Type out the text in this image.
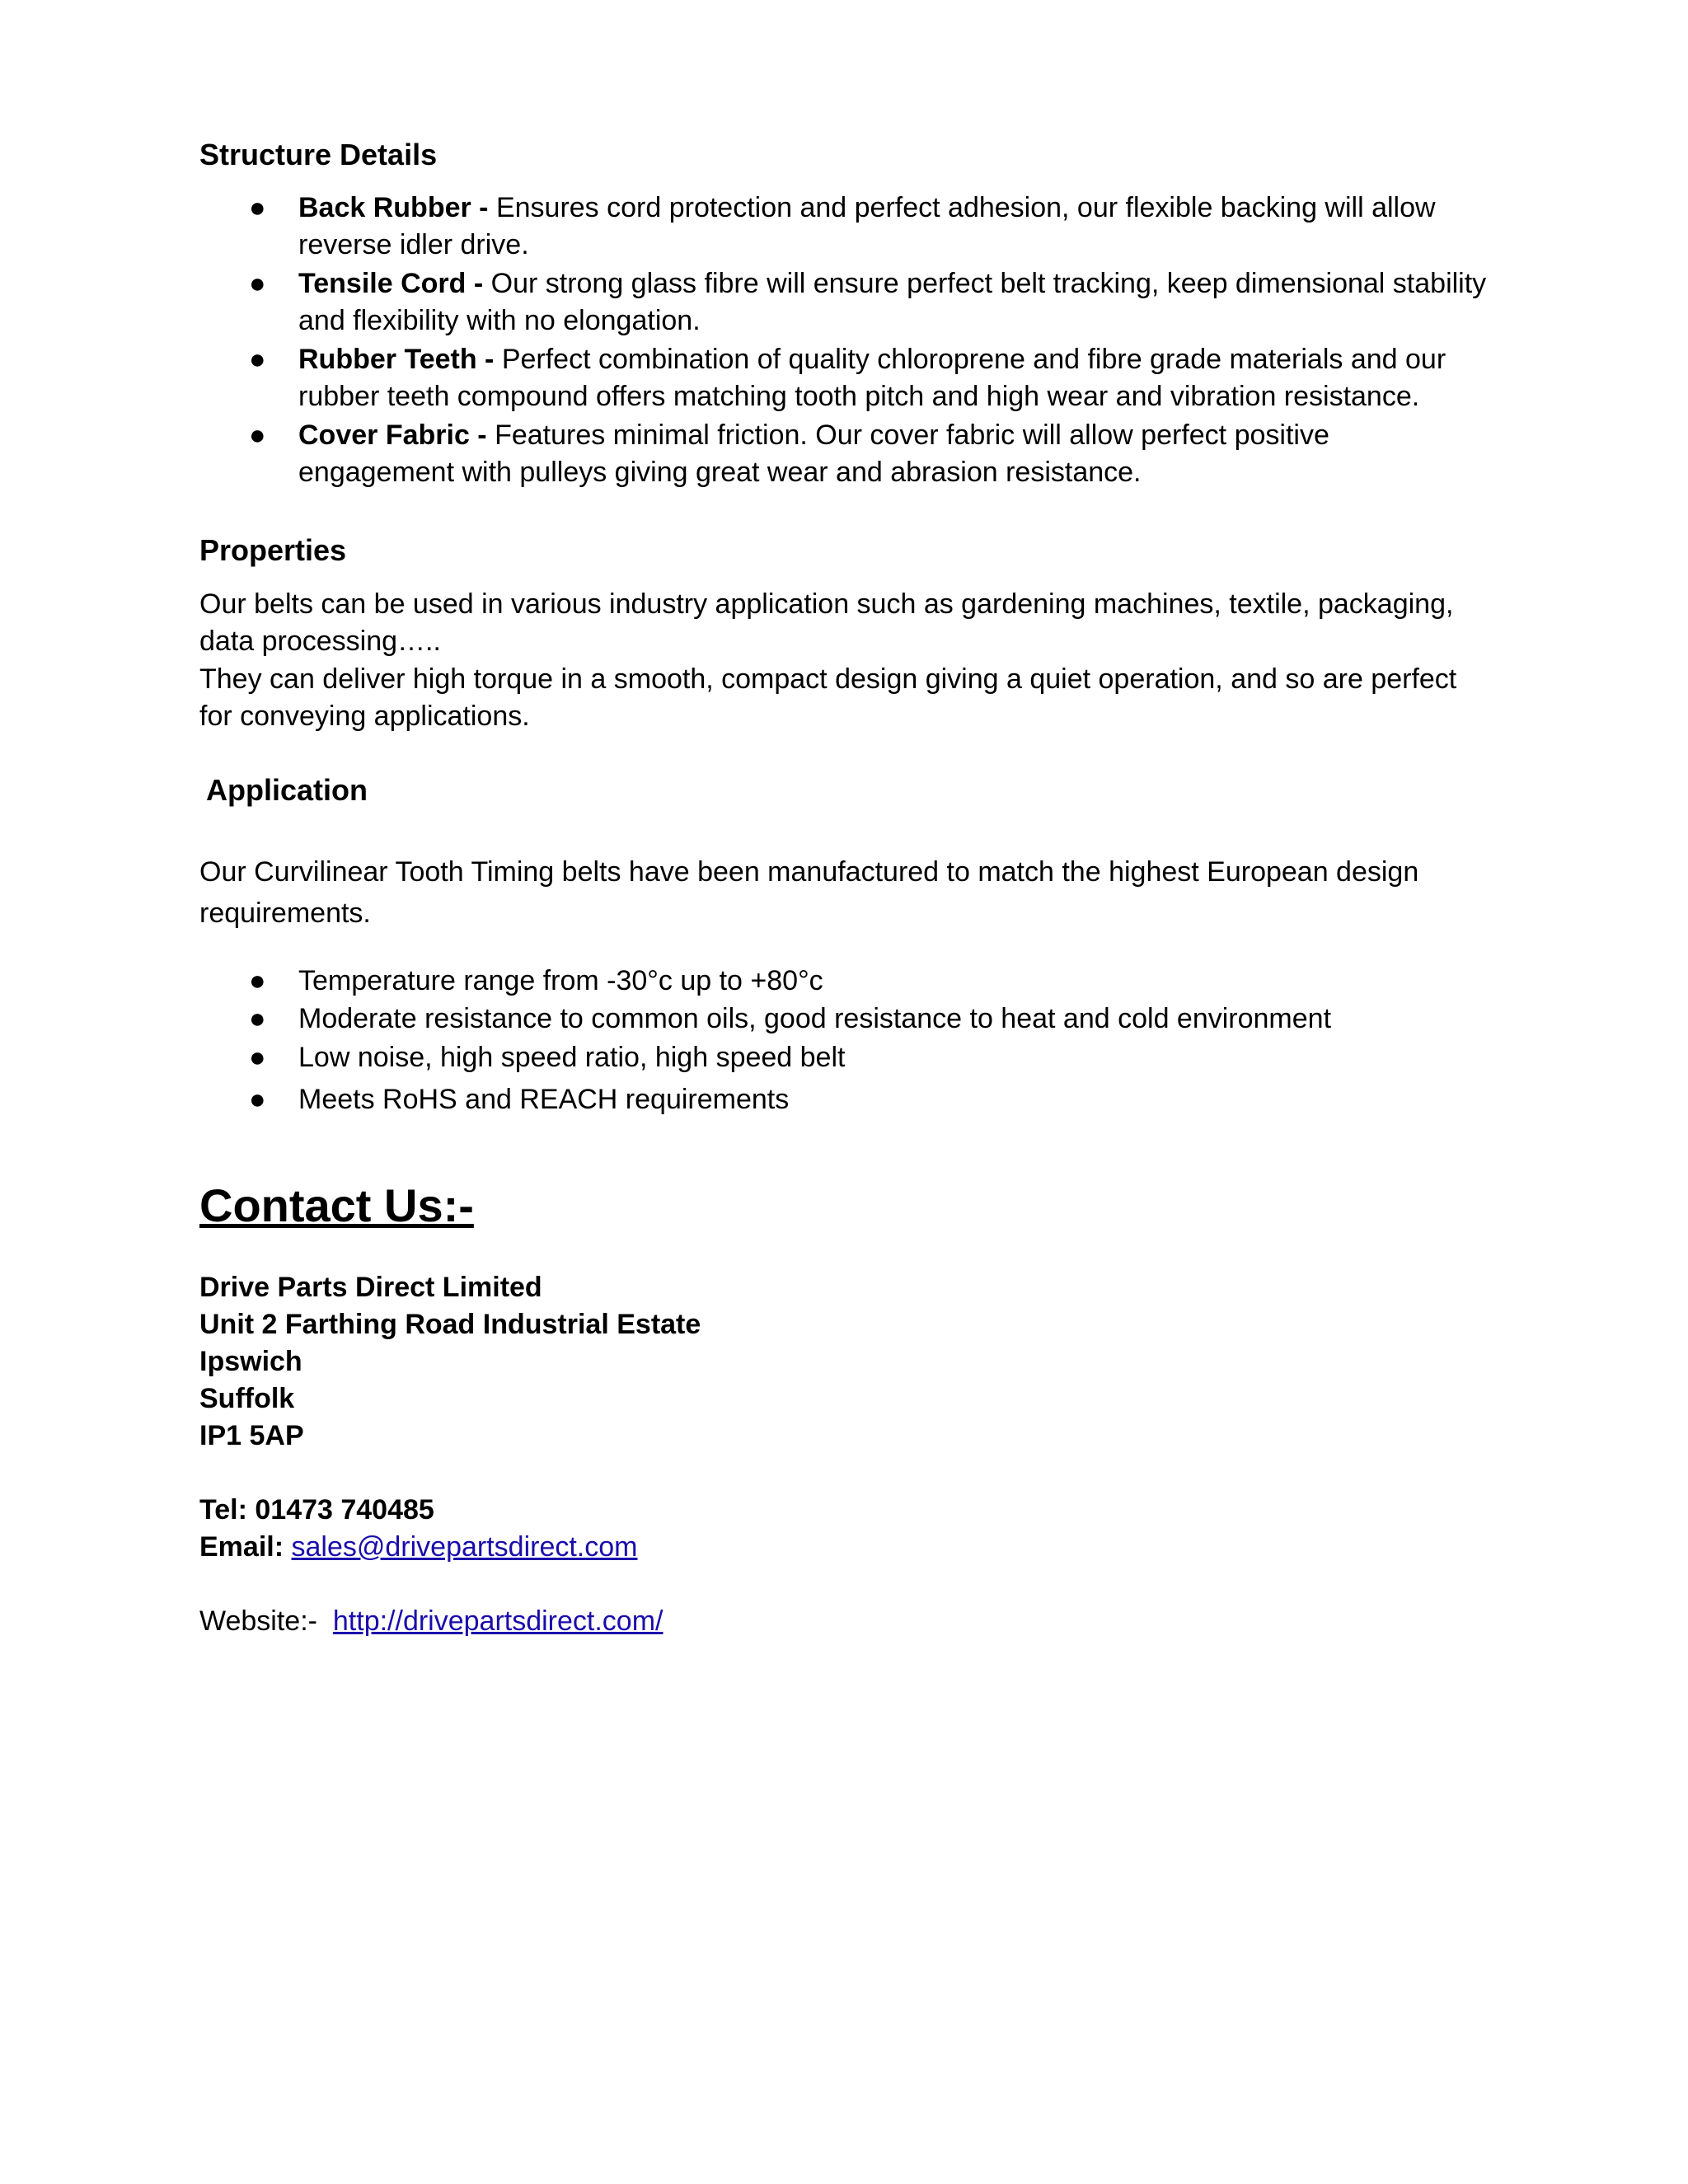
Structure Details
● Back Rubber - Ensures cord protection and perfect adhesion, our flexible backing will allow reverse idler drive.
● Tensile Cord - Our strong glass fibre will ensure perfect belt tracking, keep dimensional stability and flexibility with no elongation.
● Rubber Teeth - Perfect combination of quality chloroprene and fibre grade materials and our rubber teeth compound offers matching tooth pitch and high wear and vibration resistance.
● Cover Fabric - Features minimal friction. Our cover fabric will allow perfect positive engagement with pulleys giving great wear and abrasion resistance.
Properties
Our belts can be used in various industry application such as gardening machines, textile, packaging, data processing…..
They can deliver high torque in a smooth, compact design giving a quiet operation, and so are perfect for conveying applications.
Application
Our Curvilinear Tooth Timing belts have been manufactured to match the highest European design requirements.
● Temperature range from -30°c up to +80°c
● Moderate resistance to common oils, good resistance to heat and cold environment
● Low noise, high speed ratio, high speed belt
● Meets RoHS and REACH requirements
Contact Us:-
Drive Parts Direct Limited
Unit 2 Farthing Road Industrial Estate
Ipswich
Suffolk
IP1 5AP
Tel: 01473 740485
Email: sales@drivepartsdirect.com
Website:- http://drivepartsdirect.com/
